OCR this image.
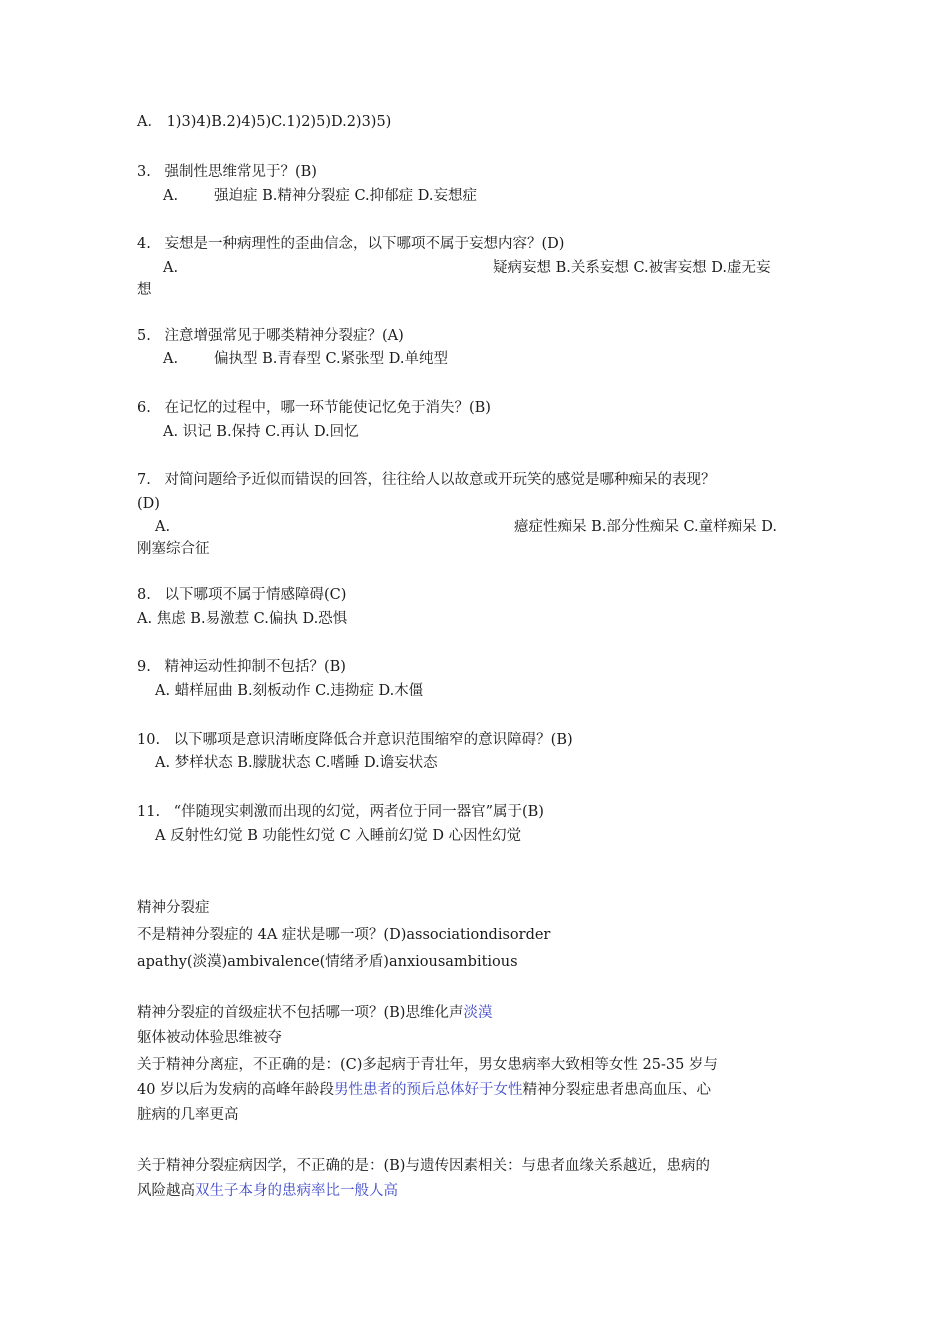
A． 1)3)4)B.2)4)5)C.1)2)5)D.2)3)5)
3. 强制性思维常见于？(B)
A. 强迫症 B.精神分裂症 C.抑郁症 D.妄想症
4. 妄想是一种病理性的歪曲信念，以下哪项不属于妄想内容？(D)
A.	疑病妄想 B.关系妄想 C.被害妄想 D.虚无妄
想
5. 注意增强常见于哪类精神分裂症？(A)
A. 偏执型 B.青春型 C.紧张型 D.单纯型
6. 在记忆的过程中，哪一环节能使记忆免于消失？(B)
A. 识记 B.保持 C.再认 D.回忆
7. 对简问题给予近似而错误的回答，往往给人以故意或开玩笑的感觉是哪种痴呆的表现？
(D)
A.	癔症性痴呆 B.部分性痴呆 C.童样痴呆 D.
刚塞综合征
8. 以下哪项不属于情感障碍(C)
A. 焦虑 B.易激惹 C.偏执 D.恐惧
9. 精神运动性抑制不包括？(B)
A. 蜡样屈曲 B.刻板动作 C.违拗症 D.木僵
10. 以下哪项是意识清晰度降低合并意识范围缩窄的意识障碍？(B)
A. 梦样状态 B.朦胧状态 C.嗜睡 D.谵妄状态
11. “伴随现实刺激而出现的幻觉，两者位于同一器官”属于(B)
A 反射性幻觉 B 功能性幻觉 C 入睡前幻觉 D 心因性幻觉
精神分裂症
不是精神分裂症的 4A 症状是哪一项？(D)associationdisorder
apathy(淡漠)ambivalence(情绪矛盾)anxiousambitious
精神分裂症的首级症状不包括哪一项？(B)思维化声淡漠
躯体被动体验思维被夺
关于精神分离症，不正确的是：(C)多起病于青壮年，男女患病率大致相等女性 25-35 岁与
40 岁以后为发病的高峰年龄段男性患者的预后总体好于女性精神分裂症患者患高血压、心
脏病的几率更高
关于精神分裂症病因学，不正确的是：(B)与遗传因素相关：与患者血缘关系越近，患病的
风险越高双生子本身的患病率比一般人高
